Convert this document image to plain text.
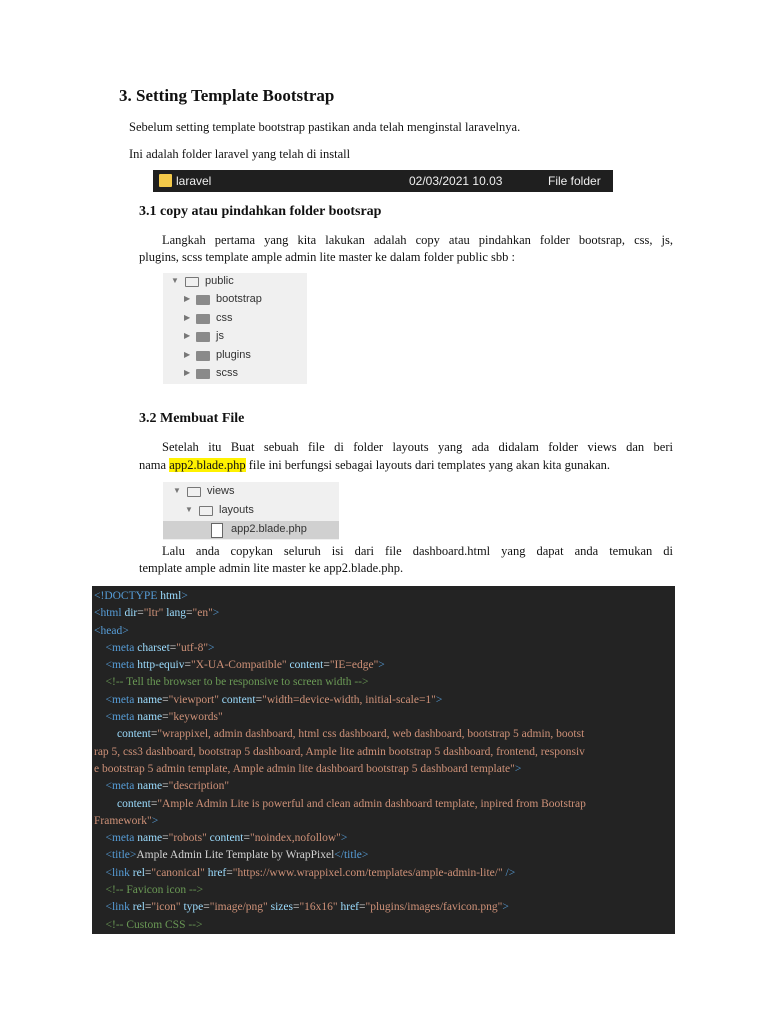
3. Setting Template Bootstrap

Sebelum setting template bootstrap pastikan anda telah menginstal laravelnya.

Ini adalah folder laravel yang telah di install

laravel	02/03/2021 10.03	File folder
3.1 copy atau pindahkan folder bootsrap

Langkah pertama yang kita lakukan adalah copy atau pindahkan folder bootsrap, css, js,

plugins, scss template ample admin lite master ke dalam folder public sbb :

▼ public
▶ bootstrap
▶ css
▶ js
▶ plugins
▶ scss
3.2 Membuat File

Setelah itu Buat sebuah file di folder layouts yang ada didalam folder views dan beri

nama app2.blade.php file ini berfungsi sebagai layouts dari templates yang akan kita gunakan.

▼ views
▼ layouts
app2.blade.php

Lalu anda copykan seluruh isi dari file dashboard.html yang dapat anda temukan di

template ample admin lite master ke app2.blade.php.

<!DOCTYPE html>
<html dir="ltr" lang="en">
<head>
<meta charset="utf-8">
<meta http-equiv="X-UA-Compatible" content="IE=edge">
<!-- Tell the browser to be responsive to screen width -->
<meta name="viewport" content="width=device-width, initial-scale=1">
<meta name="keywords"
content="wrappixel, admin dashboard, html css dashboard, web dashboard, bootstrap 5 admin, bootst
rap 5, css3 dashboard, bootstrap 5 dashboard, Ample lite admin bootstrap 5 dashboard, frontend, responsiv
e bootstrap 5 admin template, Ample admin lite dashboard bootstrap 5 dashboard template">
<meta name="description"
content="Ample Admin Lite is powerful and clean admin dashboard template, inpired from Bootstrap
Framework">
<meta name="robots" content="noindex,nofollow">
<title>Ample Admin Lite Template by WrapPixel</title>
<link rel="canonical" href="https://www.wrappixel.com/templates/ample-admin-lite/" />
<!-- Favicon icon -->
<link rel="icon" type="image/png" sizes="16x16" href="plugins/images/favicon.png">
<!-- Custom CSS -->
